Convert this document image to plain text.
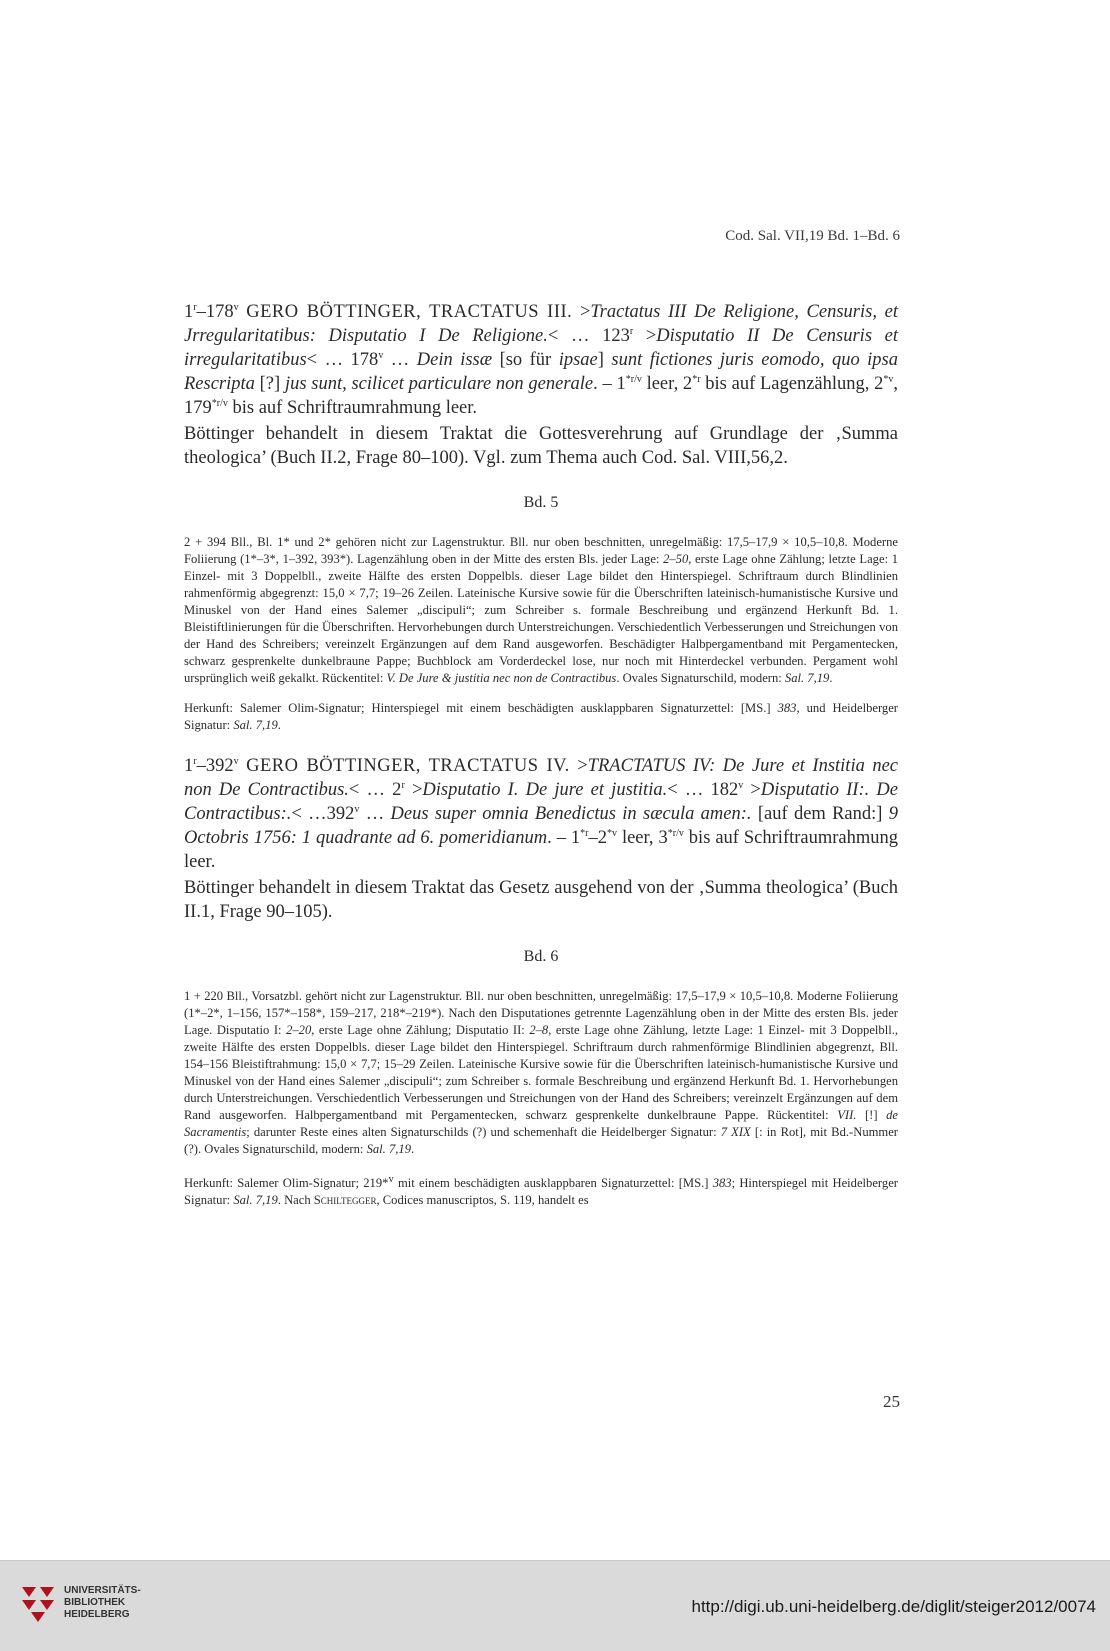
Cod. Sal. VII,19 Bd. 1–Bd. 6

1$^r$–178$^v$ GERO BÖTTINGER, TRACTATUS III. >Tractatus III De Religione, Censuris, et Jrregularitatibus: Disputatio I De Religione.< … $123^r$ >Disputatio II De Censuris et irregularitatibus< … 178$^v$ … Dein issæ [so für ipsae] sunt fictiones juris eomodo, quo ipsa Rescripta [?] jus sunt, scilicet particulare non generale. – $1^{*r/v}$ leer, 2$^{*r}$ bis auf Lagenzählung, 2$^{*v}$, $179^{*r/v}$ bis auf Schriftraumrahmung leer.

Böttinger behandelt in diesem Traktat die Gottesverehrung auf Grundlage der ‚Summa theologica’ (Buch II.2, Frage 80–100). Vgl. zum Thema auch Cod. Sal. VIII,56,2.

Bd. 5

2 + 394 Bll., Bl. 1* und 2* gehören nicht zur Lagenstruktur. Bll. nur oben beschnitten, unregelmäßig: 17,5–17,9 × 10,5–10,8. Moderne Foliierung (1*–3*, 1–392, 393*). Lagenzählung oben in der Mitte des ersten Bls. jeder Lage: 2–50, erste Lage ohne Zählung; letzte Lage: 1 Einzel- mit 3 Doppelbll., zweite Hälfte des ersten Doppelbls. dieser Lage bildet den Hinterspiegel. Schriftraum durch Blindlinien rahmenförmig abgegrenzt: 15,0 × 7,7; 19–26 Zeilen. Lateinische Kursive sowie für die Überschriften lateinisch-humanistische Kursive und Minuskel von der Hand eines Salemer „discipuli“; zum Schreiber s. formale Beschreibung und ergänzend Herkunft Bd. 1. Bleistiftlinierungen für die Überschriften. Hervorhebungen durch Unterstreichungen. Verschiedentlich Verbesserungen und Streichungen von der Hand des Schreibers; vereinzelt Ergänzungen auf dem Rand ausgeworfen. Beschädigter Halbpergamentband mit Pergamentecken, schwarz gesprenkelte dunkelbraune Pappe; Buchblock am Vorderdeckel lose, nur noch mit Hinterdeckel verbunden. Pergament wohl ursprünglich weiß gekalkt. Rückentitel: V. De Jure & justitia nec non de Contractibus. Ovales Signaturschild, modern: Sal. 7,19.

Herkunft: Salemer Olim-Signatur; Hinterspiegel mit einem beschädigten ausklappbaren Signaturzettel: [MS.] 383, und Heidelberger Signatur: Sal. 7,19.

1$^r$–392$^v$ GERO BÖTTINGER, TRACTATUS IV. >TRACTATUS IV: De Jure et Institia nec non De Contractibus.< … $2^r$ >Disputatio I. De jure et justitia.< … $182^v$ >Disputatio II:. De Contractibus:.< $\dots 392^v$ … Deus super omnia Benedictus in sæcula amen:. [auf dem Rand:] 9 Octobris 1756: 1 quadrante ad 6. pomeridianum. – 1$^{*r}$–2$^{*v}$ leer, $3^{*r/v}$ bis auf Schriftraumrahmung leer.

Böttinger behandelt in diesem Traktat das Gesetz ausgehend von der ‚Summa theologica’ (Buch II.1, Frage 90–105).

Bd. 6

1 + 220 Bll., Vorsatzbl. gehört nicht zur Lagenstruktur. Bll. nur oben beschnitten, unregelmäßig: 17,5–17,9 × 10,5–10,8. Moderne Foliierung (1*–2*, 1–156, 157*–158*, 159–217, 218*–219*). Nach den Disputationes getrennte Lagenzählung oben in der Mitte des ersten Bls. jeder Lage. Disputatio I: 2–20, erste Lage ohne Zählung; Disputatio II: 2–8, erste Lage ohne Zählung, letzte Lage: 1 Einzel- mit 3 Doppelbll., zweite Hälfte des ersten Doppelbls. dieser Lage bildet den Hinterspiegel. Schriftraum durch rahmenförmige Blindlinien abgegrenzt, Bll. 154–156 Bleistiftrahmung: 15,0 × 7,7; 15–29 Zeilen. Lateinische Kursive sowie für die Überschriften lateinisch-humanistische Kursive und Minuskel von der Hand eines Salemer „discipuli“; zum Schreiber s. formale Beschreibung und ergänzend Herkunft Bd. 1. Hervorhebungen durch Unterstreichungen. Verschiedentlich Verbesserungen und Streichungen von der Hand des Schreibers; vereinzelt Ergänzungen auf dem Rand ausgeworfen. Halbpergamentband mit Pergamentecken, schwarz gesprenkelte dunkelbraune Pappe. Rückentitel: VII. [!] de Sacramentis; darunter Reste eines alten Signaturschilds (?) und schemenhaft die Heidelberger Signatur: 7 XIX [: in Rot], mit Bd.-Nummer (?). Ovales Signaturschild, modern: Sal. 7,19.

Herkunft: Salemer Olim-Signatur; 219*$^v$ mit einem beschädigten ausklappbaren Signaturzettel: [MS.] 383; Hinterspiegel mit Heidelberger Signatur: Sal. 7,19. Nach Schiltegger, Codices manuscriptos, S. 119, handelt es

25
UNIVERSITÄTS-
BIBLIOTHEK
HEIDELBERG	http://digi.ub.uni-heidelberg.de/diglit/steiger2012/0074
